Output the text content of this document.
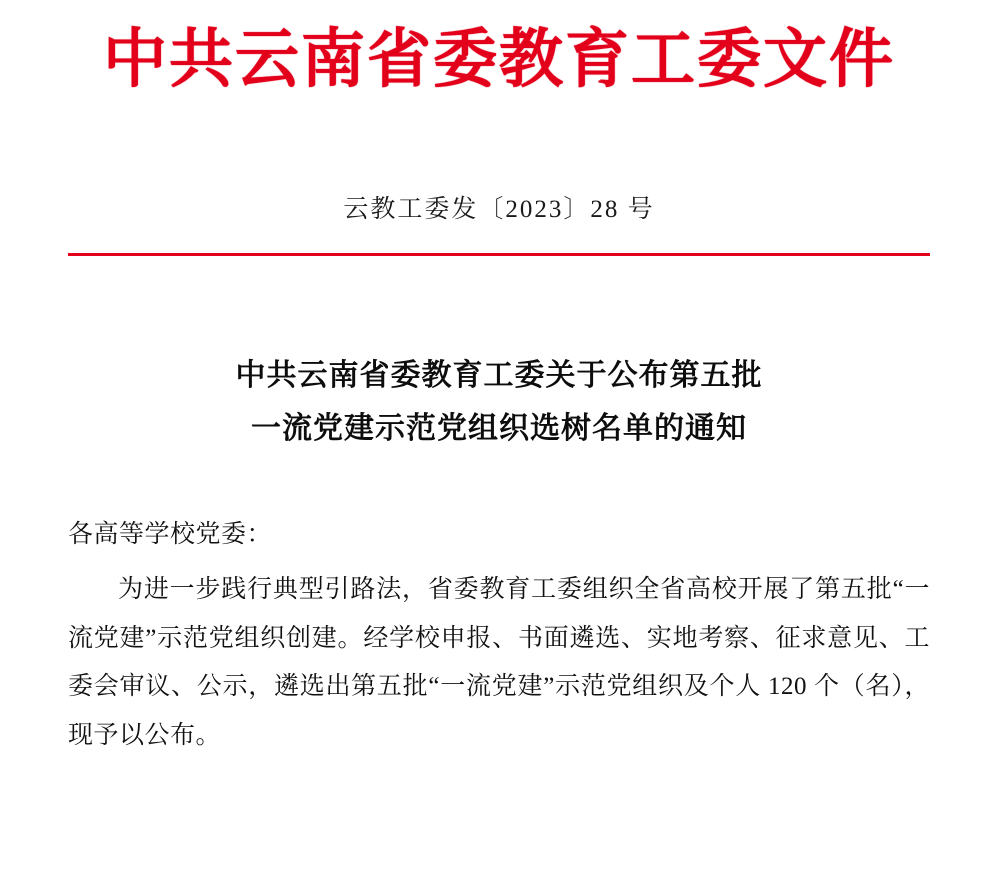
中共云南省委教育工委文件
云教工委发〔2023〕28 号
中共云南省委教育工委关于公布第五批
一流党建示范党组织选树名单的通知
各高等学校党委：
为进一步践行典型引路法，省委教育工委组织全省高校开展了第五批“一流党建”示范党组织创建。经学校申报、书面遴选、实地考察、征求意见、工委会审议、公示，遴选出第五批“一流党建”示范党组织及个人 120 个（名），现予以公布。
